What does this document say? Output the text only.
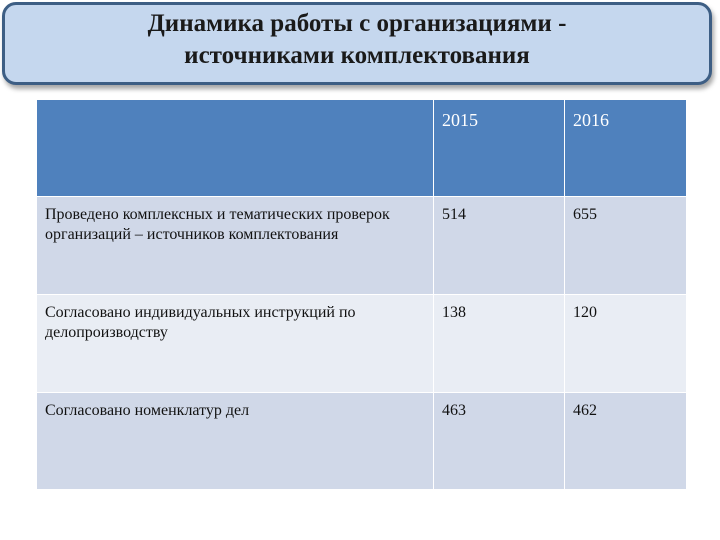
Динамика работы с организациями -
источниками комплектования
	2015	2016
Проведено комплексных и тематических проверок организаций – источников комплектования	514	655
Согласовано индивидуальных инструкций по делопроизводству	138	120
Согласовано номенклатур дел	463	462
